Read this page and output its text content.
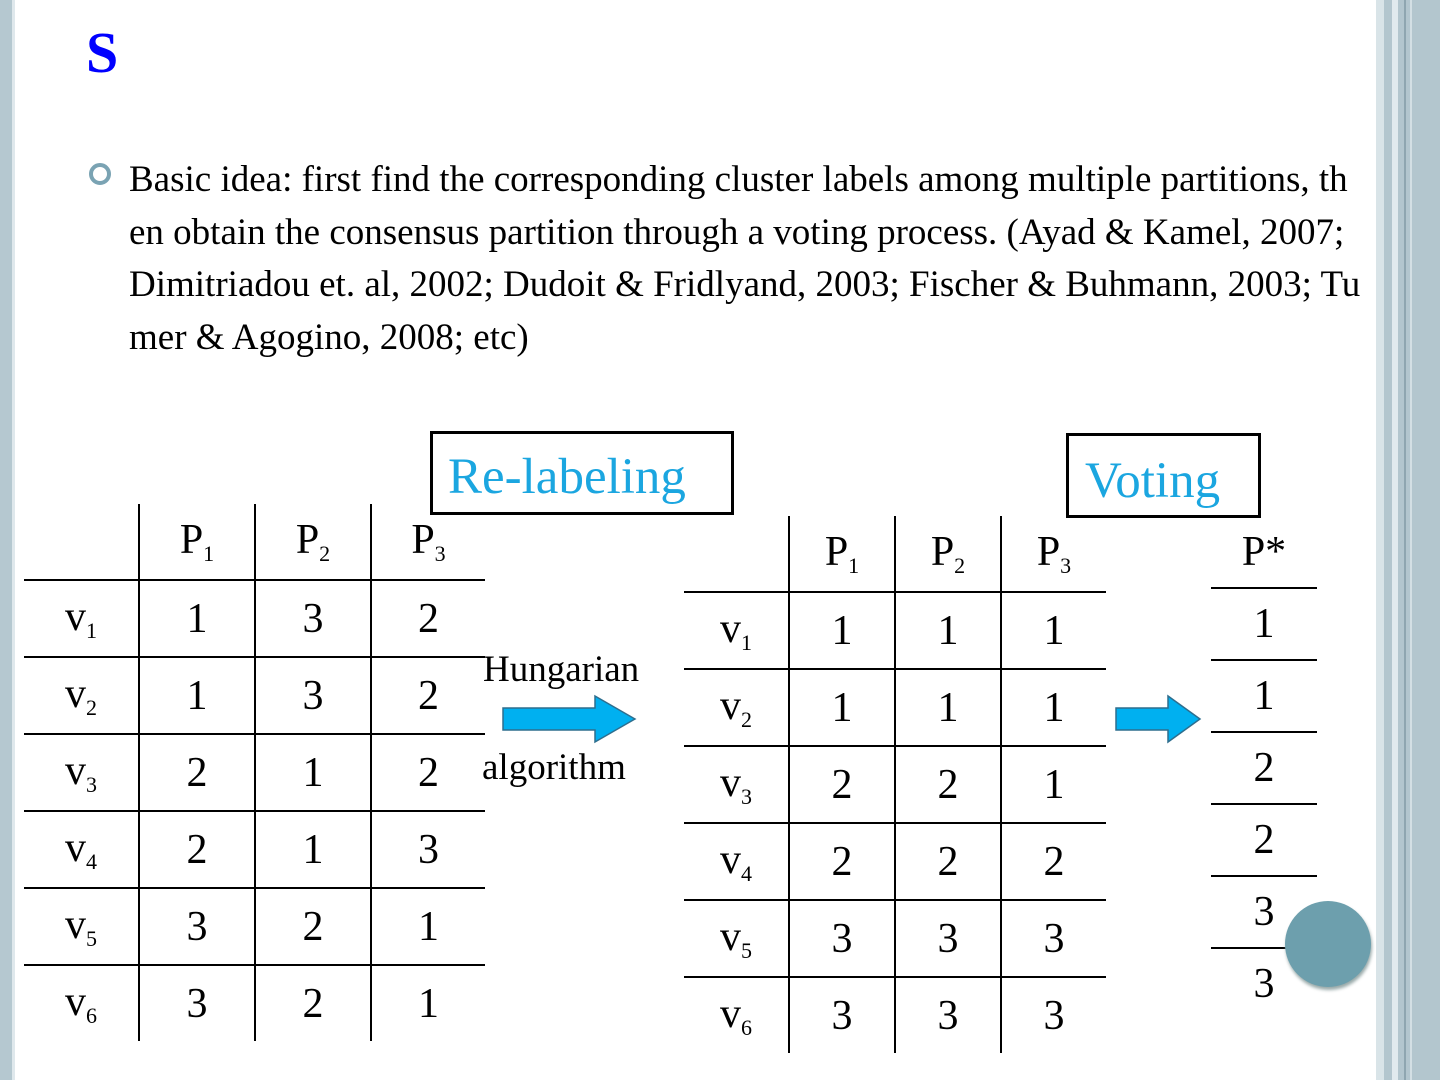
S
Basic idea: first find the corresponding cluster labels among multiple partitions, then obtain the consensus partition through a voting process. (Ayad & Kamel, 2007; Dimitriadou et. al, 2002; Dudoit & Fridlyand, 2003; Fischer & Buhmann, 2003; Tumer & Agogino, 2008; etc)
Re-labeling	Voting
Hungarian
algorithm
	$P_1$	$P_2$	$P_3$
$v_1$	1	3	2
$v_2$	1	3	2
$v_3$	2	1	2
$v_4$	2	1	3
$v_5$	3	2	1
$v_6$	3	2	1
	$P_1$	$P_2$	$P_3$
$v_1$	1	1	1
$v_2$	1	1	1
$v_3$	2	2	1
$v_4$	2	2	2
$v_5$	3	3	3
$v_6$	3	3	3
P*
1
1
2
2
3
3
